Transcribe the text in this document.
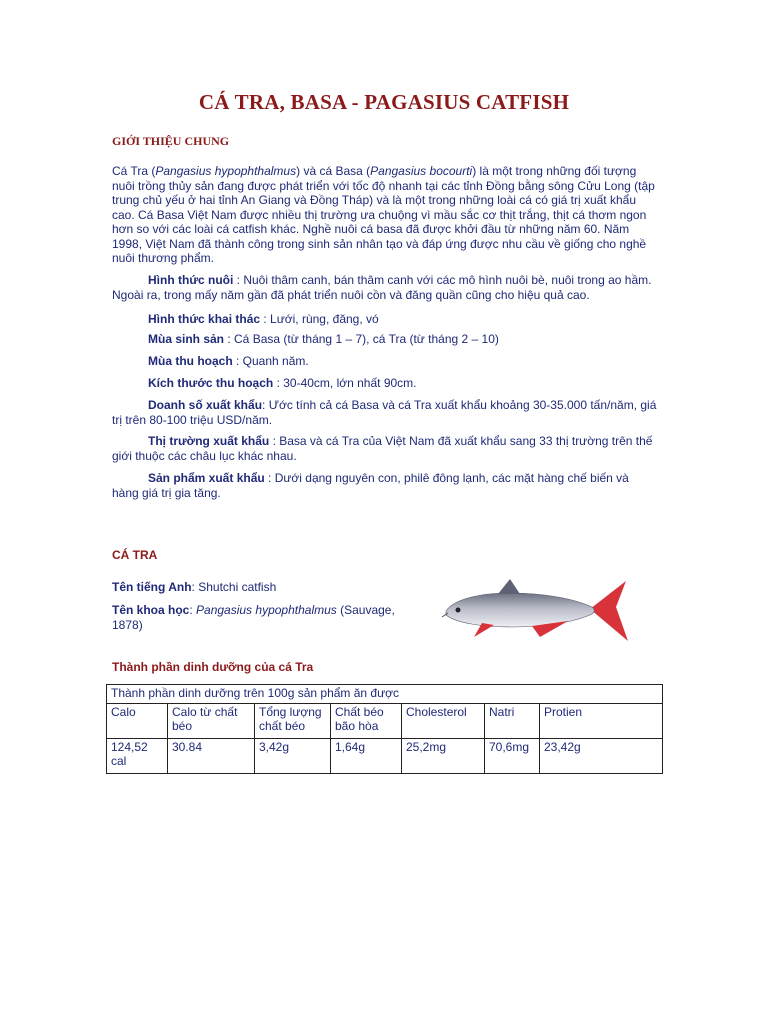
CÁ TRA, BASA - PAGASIUS CATFISH
GIỚI THIỆU CHUNG
Cá Tra (Pangasius hypophthalmus) và cá Basa (Pangasius bocourti) là một trong những đối tượng nuôi trồng thủy sản đang được phát triển với tốc độ nhanh tại các tỉnh Đồng bằng sông Cửu Long (tập trung chủ yếu ở hai tỉnh An Giang và Đồng Tháp) và là một trong những loài cá có giá trị xuất khẩu cao. Cá Basa Việt Nam được nhiều thị trường ưa chuộng vì mầu sắc cơ thịt trắng, thịt cá thơm ngon hơn so với các loài cá catfish khác. Nghề nuôi cá basa đã được khởi đầu từ những năm 60. Năm 1998, Việt Nam đã thành công trong sinh sản nhân tạo và đáp ứng được nhu cầu về giống cho nghề nuôi thương phẩm.
Hình thức nuôi : Nuôi thâm canh, bán thâm canh với các mô hình nuôi bè, nuôi trong ao hầm. Ngoài ra, trong mấy năm gần đã phát triển nuôi cồn và đăng quần cũng cho hiệu quả cao.
Hình thức khai thác : Lưới, rùng, đăng, vó
Mùa sinh sản : Cá Basa (từ tháng 1 – 7), cá Tra (từ tháng 2 – 10)
Mùa thu hoạch : Quanh năm.
Kích thước thu hoạch : 30-40cm, lớn nhất 90cm.
Doanh số xuất khẩu: Ước tính cả cá Basa và cá Tra xuất khẩu khoảng 30-35.000 tấn/năm, giá trị trên 80-100 triệu USD/năm.
Thị trường xuất khẩu : Basa và cá Tra của Việt Nam đã xuất khẩu sang 33 thị trường trên thế giới thuộc các châu lục khác nhau.
Sản phẩm xuất khẩu : Dưới dạng nguyên con, philê đông lạnh, các mặt hàng chế biến và hàng giá trị gia tăng.
CÁ TRA
Tên tiếng Anh: Shutchi catfish
Tên khoa học: Pangasius hypophthalmus (Sauvage, 1878)
Thành phần dinh dưỡng của cá Tra
Thành phần dinh dưỡng trên 100g sản phẩm ăn được						
Calo	Calo từ chất béo	Tổng lượng chất béo	Chất béo bão hòa	Cholesterol	Natri	Protien
124,52 cal	30.84	3,42g	1,64g	25,2mg	70,6mg	23,42g
